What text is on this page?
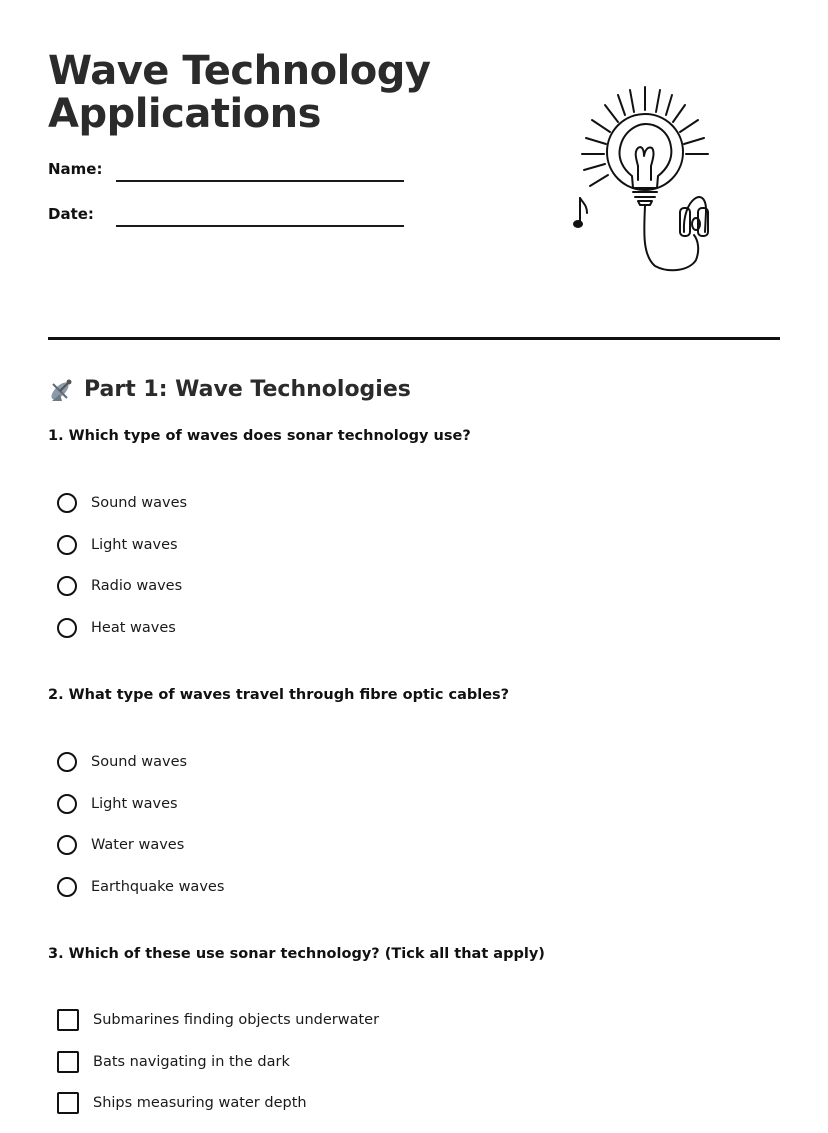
Wave Technology Applications
Name:
Date:
Part 1: Wave Technologies

1. Which type of waves does sonar technology use?

Sound waves
Light waves
Radio waves
Heat waves

2. What type of waves travel through fibre optic cables?

Sound waves
Light waves
Water waves
Earthquake waves

3. Which of these use sonar technology? (Tick all that apply)

Submarines finding objects underwater
Bats navigating in the dark
Ships measuring water depth
